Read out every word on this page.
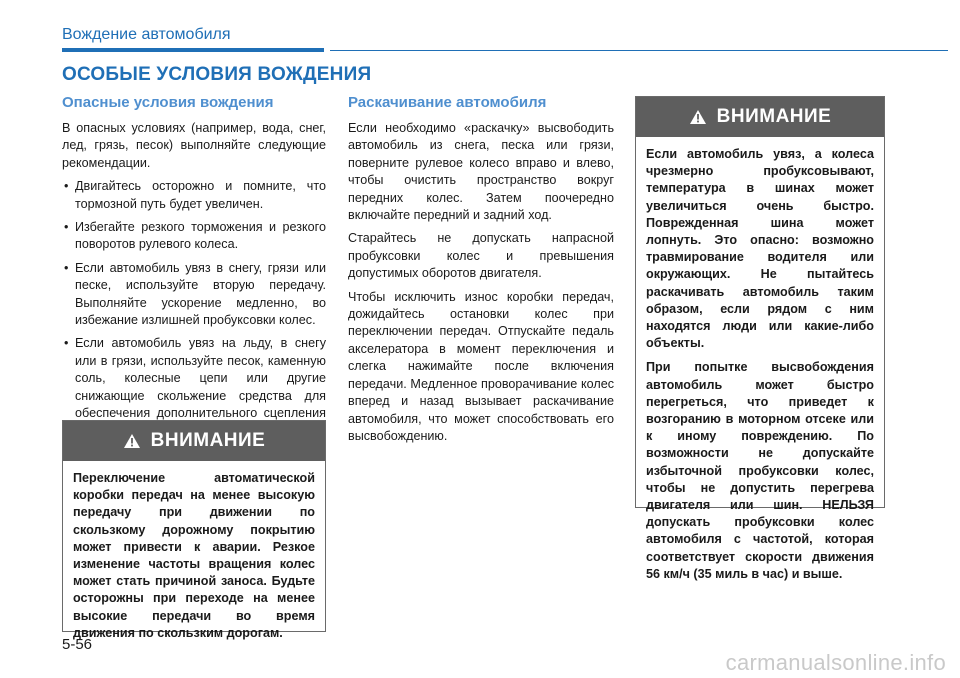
Вождение автомобиля
ОСОБЫЕ УСЛОВИЯ ВОЖДЕНИЯ
Опасные условия вождения

В опасных условиях (например, вода, снег, лед, грязь, песок) выполняйте следующие рекомендации.

• Двигайтесь осторожно и помните, что тормозной путь будет увеличен.
• Избегайте резкого торможения и резкого поворотов рулевого колеса.
• Если автомобиль увяз в снегу, грязи или песке, используйте вторую передачу. Выполняйте ускорение медленно, во избежание излишней пробуксовки колес.
• Если автомобиль увяз на льду, в снегу или в грязи, используйте песок, каменную соль, колесные цепи или другие снижающие скольжение средства для обеспечения дополнительного сцепления
ВНИМАНИЕ

Переключение автоматической коробки передач на менее высокую передачу при движении по скользкому дорожному покрытию может привести к аварии. Резкое изменение частоты вращения колес может стать причиной заноса. Будьте осторожны при переходе на менее высокие передачи во время движения по скользким дорогам.

Раскачивание автомобиля

Если необходимо «раскачку» высвободить автомобиль из снега, песка или грязи, поверните рулевое колесо вправо и влево, чтобы очистить пространство вокруг передних колес. Затем поочередно включайте передний и задний ход.

Старайтесь не допускать напрасной пробуксовки колес и превышения допустимых оборотов двигателя.

Чтобы исключить износ коробки передач, дожидайтесь остановки колес при переключении передач. Отпускайте педаль акселератора в момент переключения и слегка нажимайте после включения передачи. Медленное проворачивание колес вперед и назад вызывает раскачивание автомобиля, что может способствовать его высвобождению.

ВНИМАНИЕ

Если автомобиль увяз, а колеса чрезмерно пробуксовывают, температура в шинах может увеличиться очень быстро. Поврежденная шина может лопнуть. Это опасно: возможно травмирование водителя или окружающих. Не пытайтесь раскачивать автомобиль таким образом, если рядом с ним находятся люди или какие-либо объекты.

При попытке высвобождения автомобиль может быстро перегреться, что приведет к возгоранию в моторном отсеке или к иному повреждению. По возможности не допускайте избыточной пробуксовки колес, чтобы не допустить перегрева двигателя или шин. НЕЛЬЗЯ допускать пробуксовки колес автомобиля с частотой, которая соответствует скорости движения 56 км/ч (35 миль в час) и выше.

5-56
carmanualsonline.info
